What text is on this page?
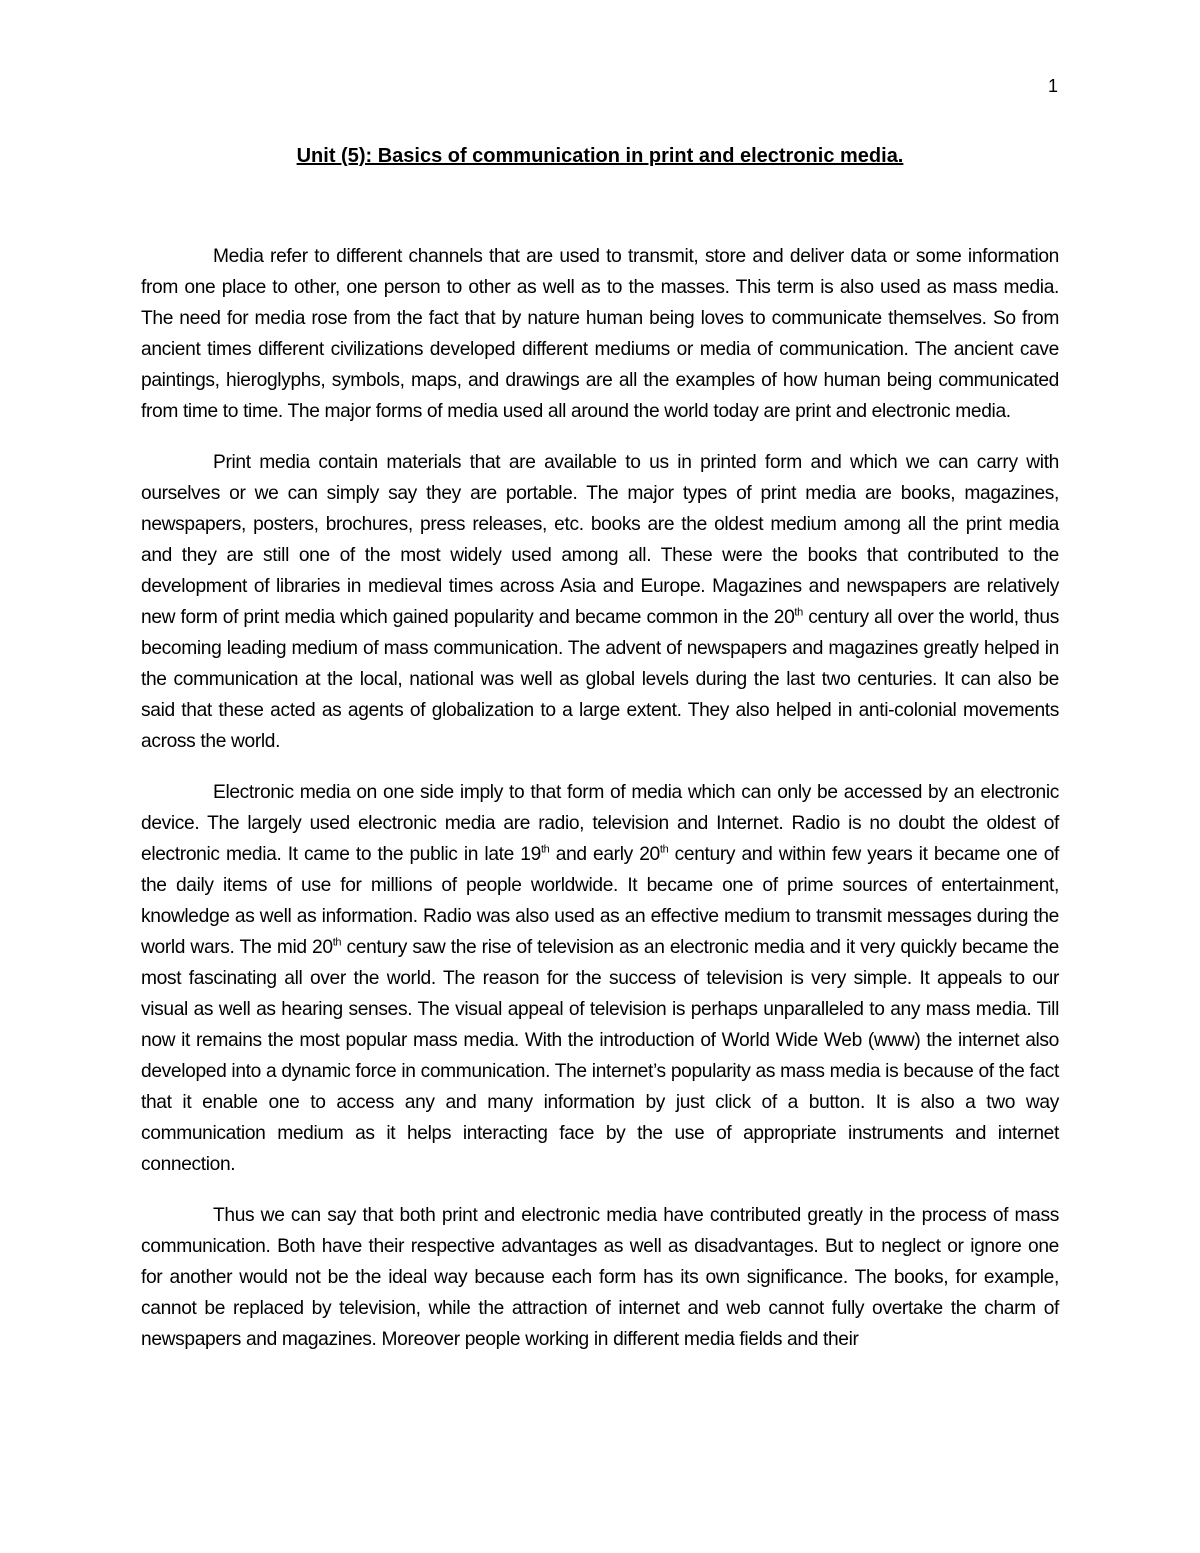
1
Unit (5): Basics of communication in print and electronic media.

Media refer to different channels that are used to transmit, store and deliver data or some information from one place to other, one person to other as well as to the masses. This term is also used as mass media. The need for media rose from the fact that by nature human being loves to communicate themselves. So from ancient times different civilizations developed different mediums or media of communication. The ancient cave paintings, hieroglyphs, symbols, maps, and drawings are all the examples of how human being communicated from time to time. The major forms of media used all around the world today are print and electronic media.

Print media contain materials that are available to us in printed form and which we can carry with ourselves or we can simply say they are portable. The major types of print media are books, magazines, newspapers, posters, brochures, press releases, etc. books are the oldest medium among all the print media and they are still one of the most widely used among all. These were the books that contributed to the development of libraries in medieval times across Asia and Europe. Magazines and newspapers are relatively new form of print media which gained popularity and became common in the 20th century all over the world, thus becoming leading medium of mass communication. The advent of newspapers and magazines greatly helped in the communication at the local, national was well as global levels during the last two centuries. It can also be said that these acted as agents of globalization to a large extent. They also helped in anti-colonial movements across the world.

Electronic media on one side imply to that form of media which can only be accessed by an electronic device. The largely used electronic media are radio, television and Internet. Radio is no doubt the oldest of electronic media. It came to the public in late 19th and early 20th century and within few years it became one of the daily items of use for millions of people worldwide. It became one of prime sources of entertainment, knowledge as well as information. Radio was also used as an effective medium to transmit messages during the world wars. The mid 20th century saw the rise of television as an electronic media and it very quickly became the most fascinating all over the world. The reason for the success of television is very simple. It appeals to our visual as well as hearing senses. The visual appeal of television is perhaps unparalleled to any mass media. Till now it remains the most popular mass media. With the introduction of World Wide Web (www) the internet also developed into a dynamic force in communication. The internet’s popularity as mass media is because of the fact that it enable one to access any and many information by just click of a button. It is also a two way communication medium as it helps interacting face by the use of appropriate instruments and internet connection.

Thus we can say that both print and electronic media have contributed greatly in the process of mass communication. Both have their respective advantages as well as disadvantages. But to neglect or ignore one for another would not be the ideal way because each form has its own significance. The books, for example, cannot be replaced by television, while the attraction of internet and web cannot fully overtake the charm of newspapers and magazines. Moreover people working in different media fields and their
